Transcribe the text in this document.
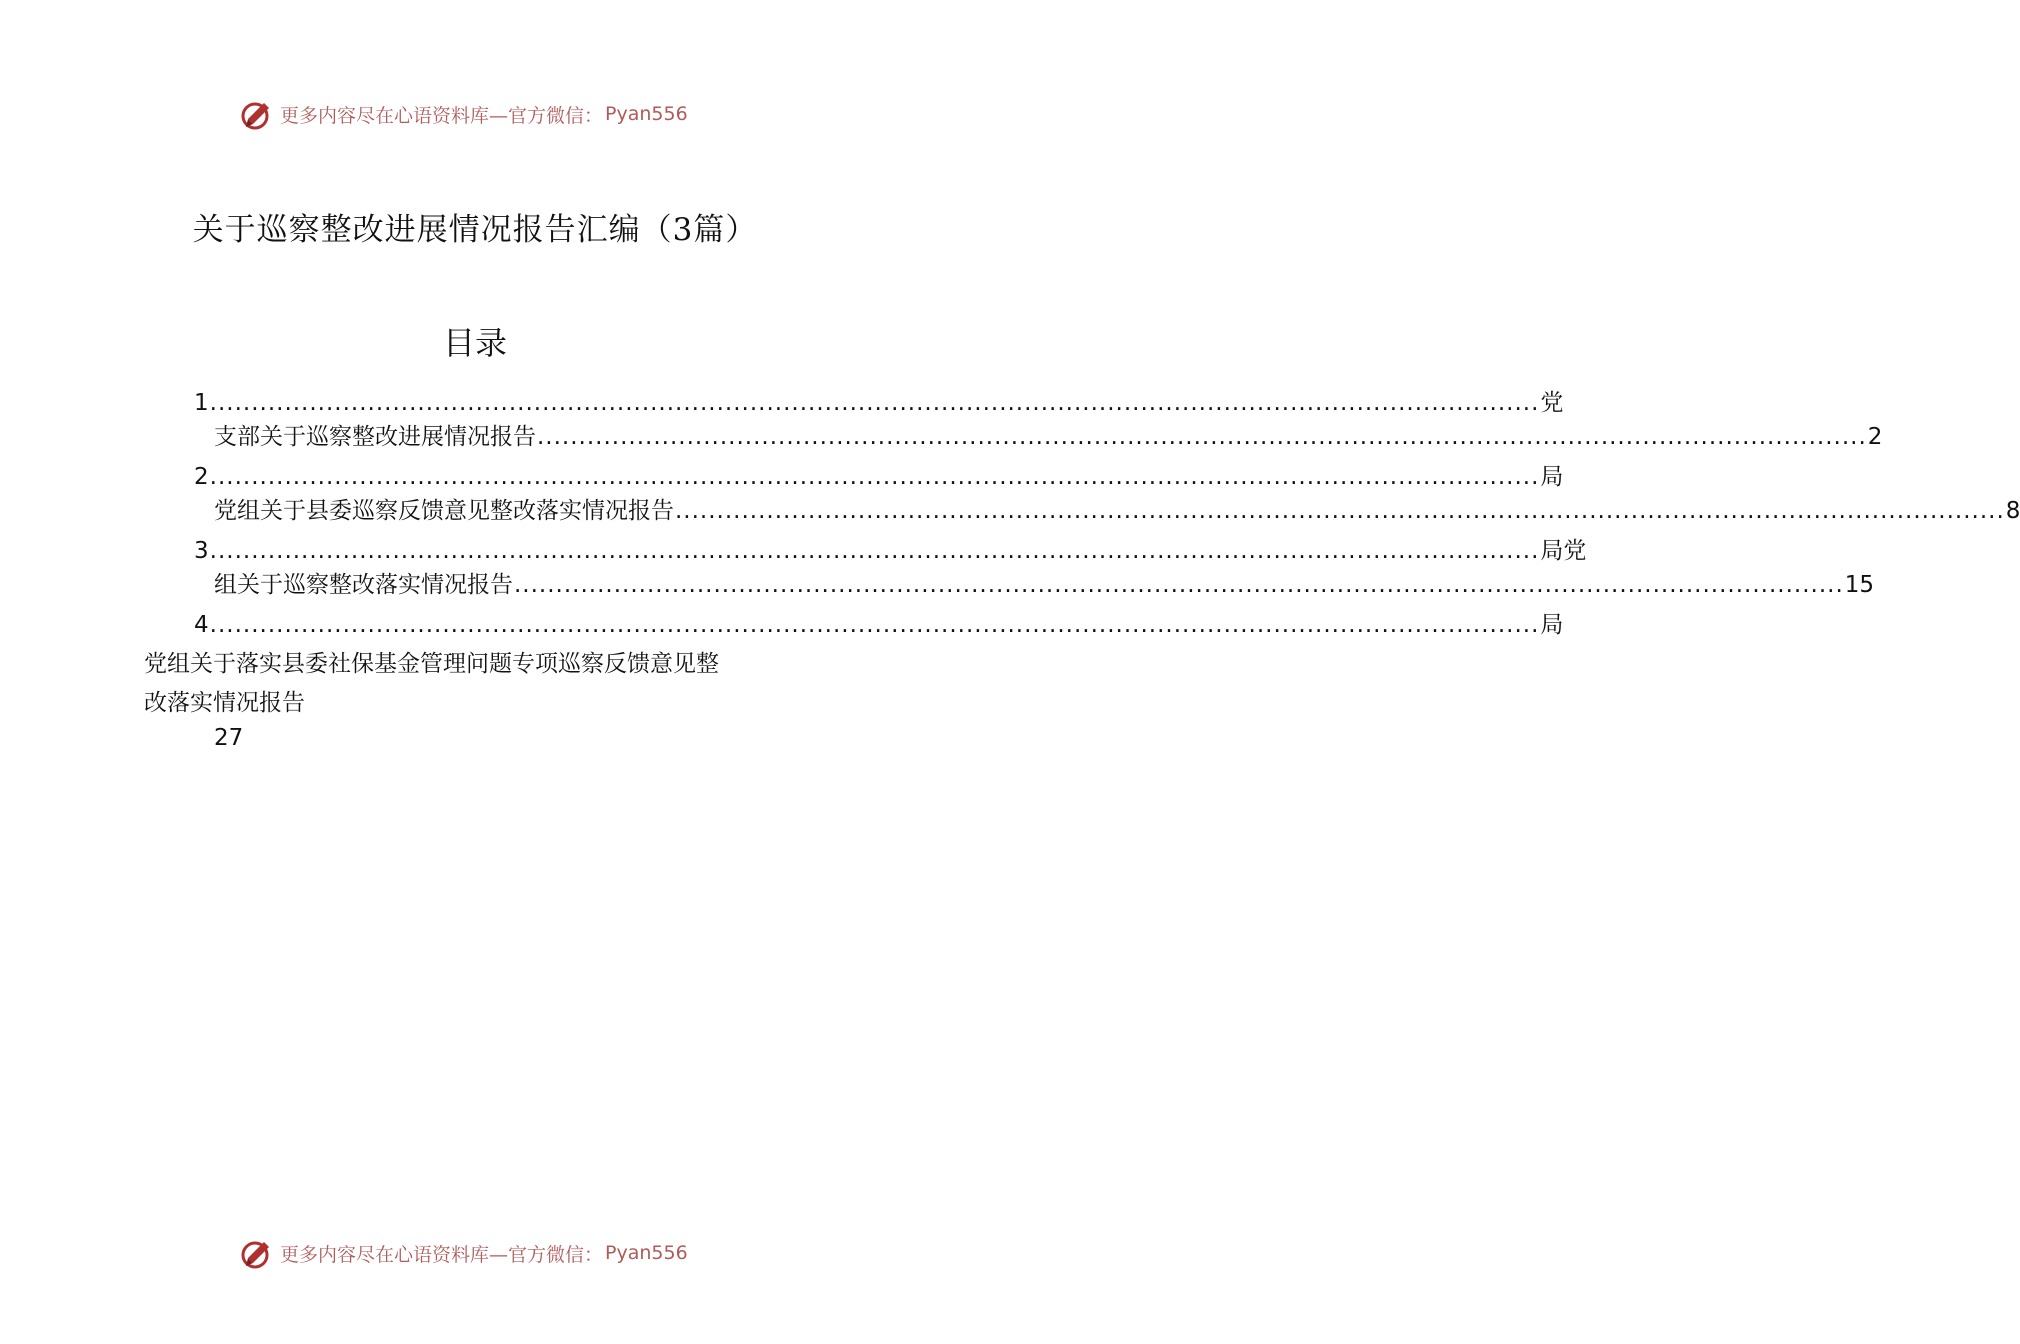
更多内容尽在心语资料库—官方微信： Pyan556
关于巡察整改进展情况报告汇编（3篇）
目录
1 ................................................................................................................................................................ 党
支部关于巡察整改进展情况报告 ................................................................................................................................................................ 2
2 ................................................................................................................................................................ 局
党组关于县委巡察反馈意见整改落实情况报告 ................................................................................................................................................................ 8
3 ................................................................................................................................................................ 局党
组关于巡察整改落实情况报告 ................................................................................................................................................................ 15
4 ................................................................................................................................................................ 局
党组关于落实县委社保基金管理问题专项巡察反馈意见整
改落实情况报告
27
更多内容尽在心语资料库—官方微信： Pyan556
